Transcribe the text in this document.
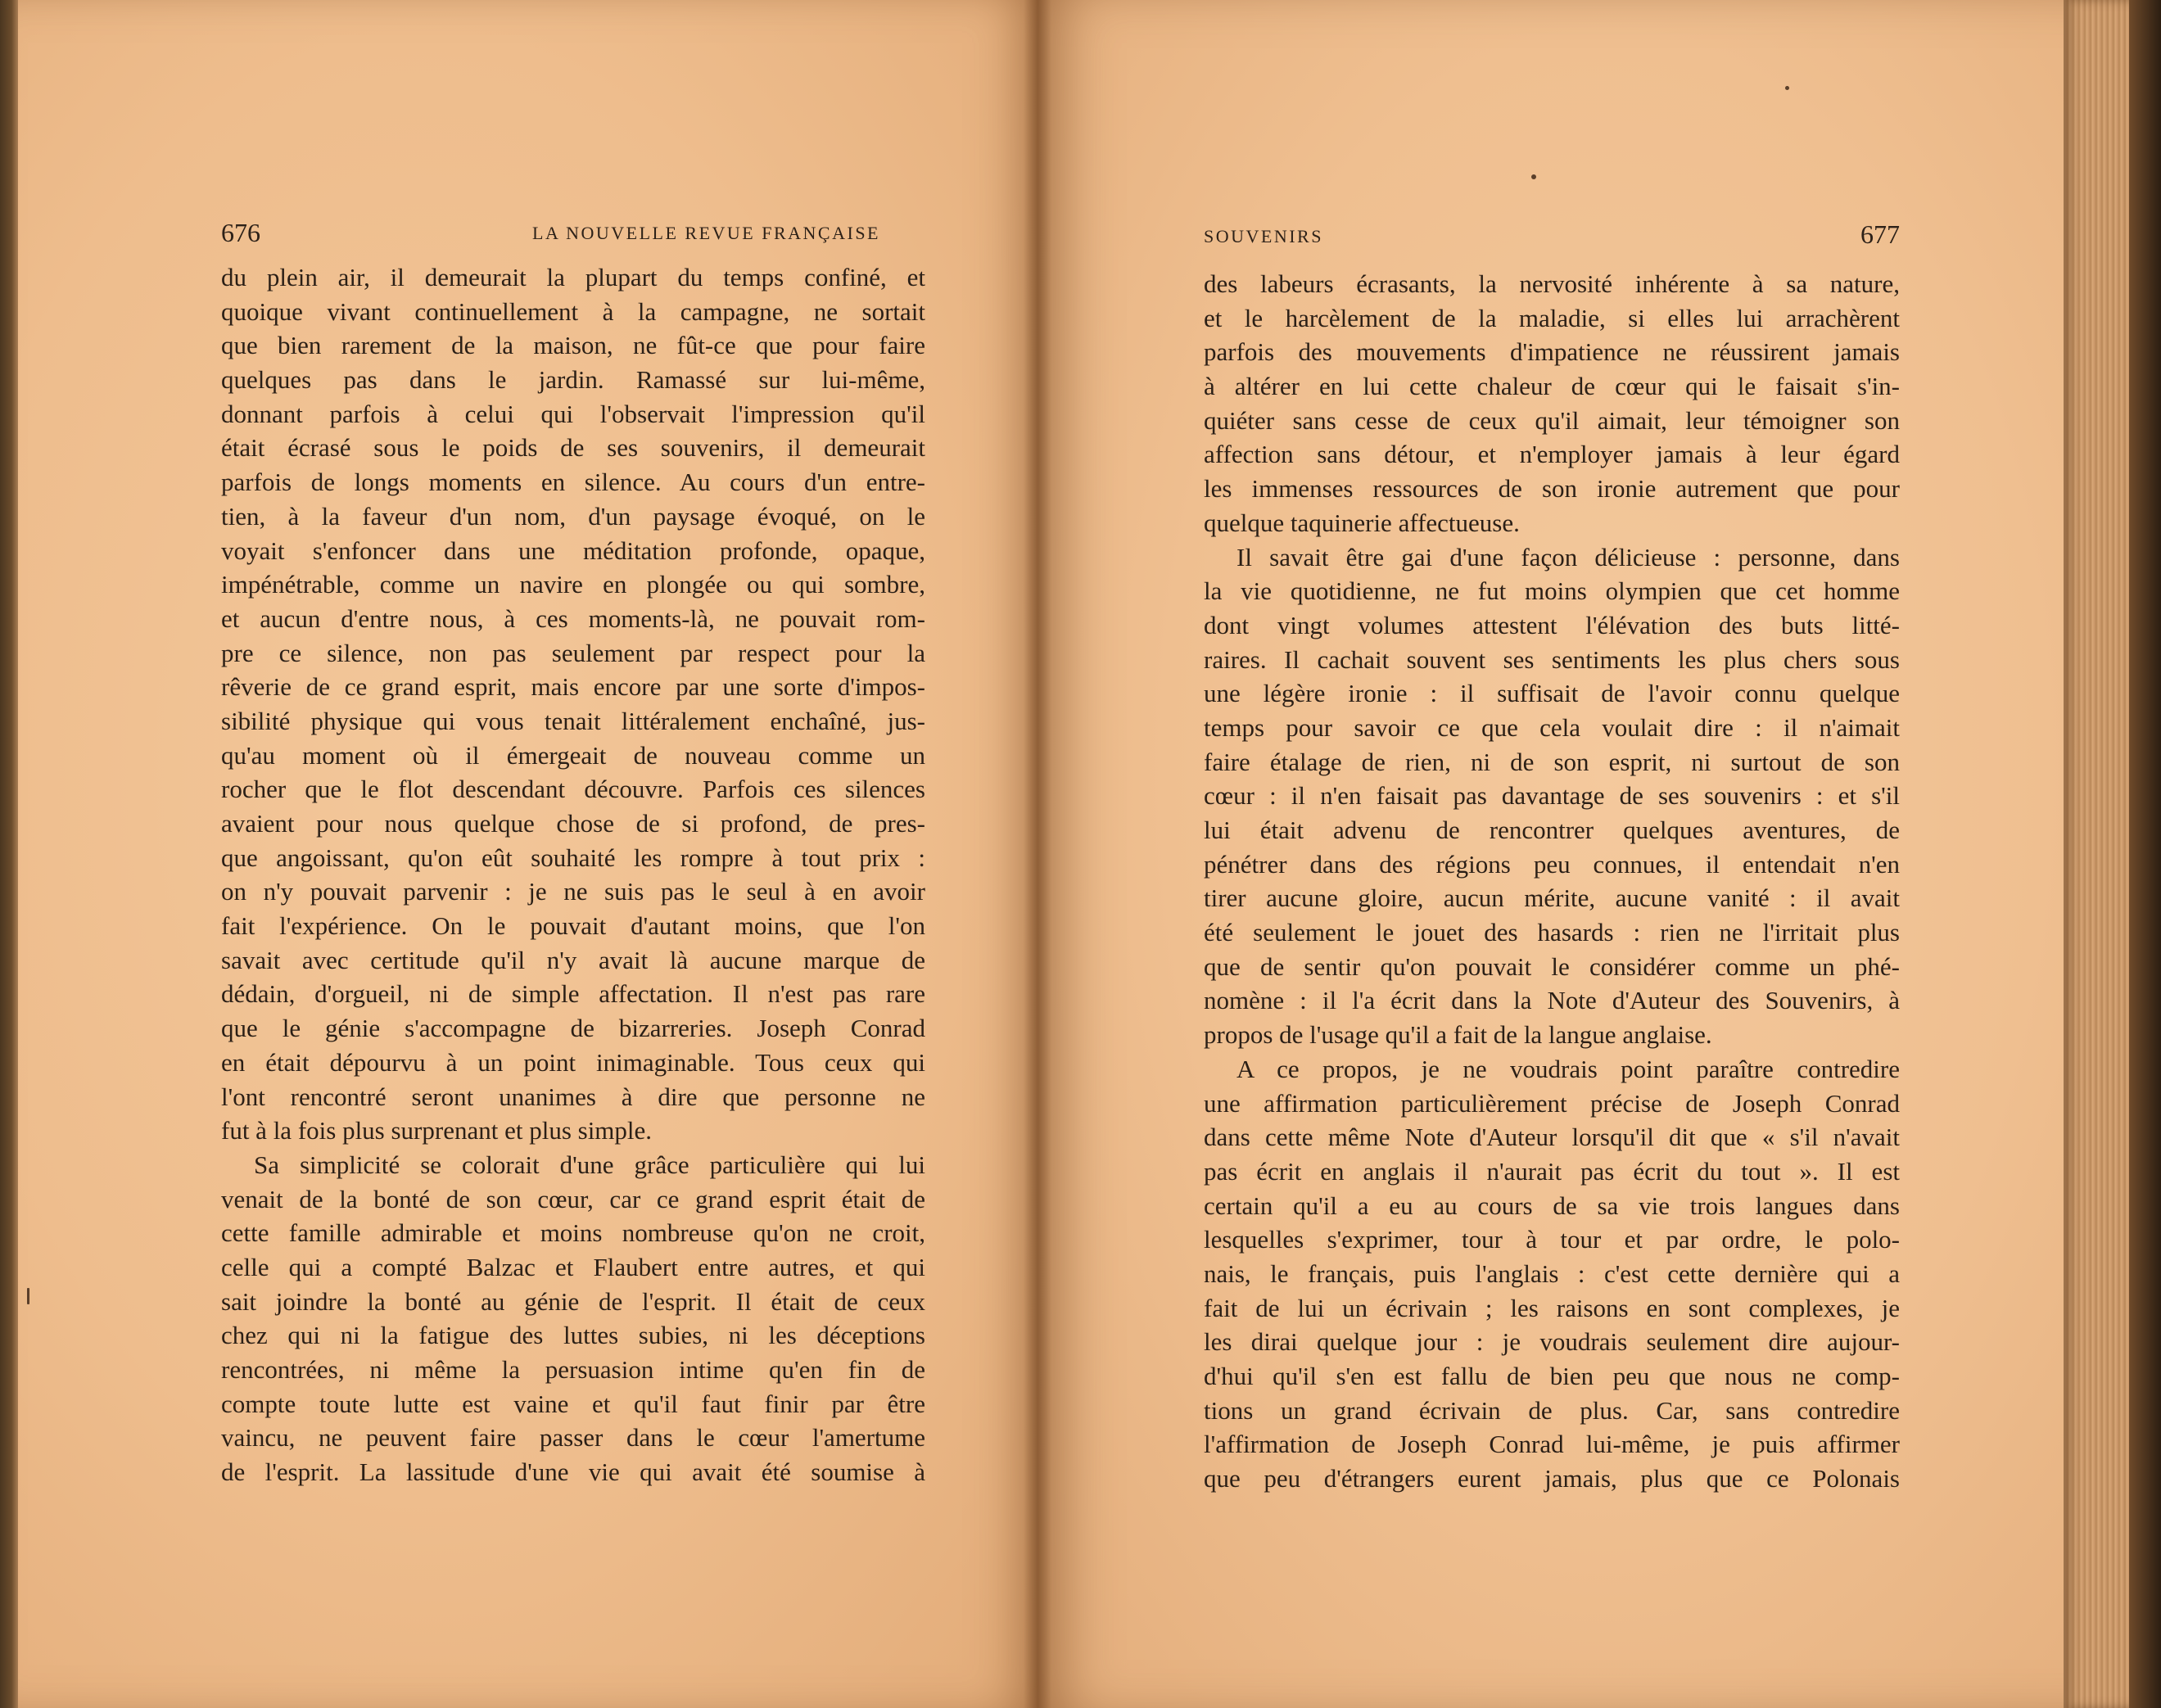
676	LA NOUVELLE REVUE FRANÇAISE
du plein air, il demeurait la plupart du temps confiné, et
quoique vivant continuellement à la campagne, ne sortait
que bien rarement de la maison, ne fût-ce que pour faire
quelques pas dans le jardin. Ramassé sur lui-même,
donnant parfois à celui qui l'observait l'impression qu'il
était écrasé sous le poids de ses souvenirs, il demeurait
parfois de longs moments en silence. Au cours d'un entre-
tien, à la faveur d'un nom, d'un paysage évoqué, on le
voyait s'enfoncer dans une méditation profonde, opaque,
impénétrable, comme un navire en plongée ou qui sombre,
et aucun d'entre nous, à ces moments-là, ne pouvait rom-
pre ce silence, non pas seulement par respect pour la
rêverie de ce grand esprit, mais encore par une sorte d'impos-
sibilité physique qui vous tenait littéralement enchaîné, jus-
qu'au moment où il émergeait de nouveau comme un
rocher que le flot descendant découvre. Parfois ces silences
avaient pour nous quelque chose de si profond, de pres-
que angoissant, qu'on eût souhaité les rompre à tout prix :
on n'y pouvait parvenir : je ne suis pas le seul à en avoir
fait l'expérience. On le pouvait d'autant moins, que l'on
savait avec certitude qu'il n'y avait là aucune marque de
dédain, d'orgueil, ni de simple affectation. Il n'est pas rare
que le génie s'accompagne de bizarreries. Joseph Conrad
en était dépourvu à un point inimaginable. Tous ceux qui
l'ont rencontré seront unanimes à dire que personne ne
fut à la fois plus surprenant et plus simple.
Sa simplicité se colorait d'une grâce particulière qui lui
venait de la bonté de son cœur, car ce grand esprit était de
cette famille admirable et moins nombreuse qu'on ne croit,
celle qui a compté Balzac et Flaubert entre autres, et qui
sait joindre la bonté au génie de l'esprit. Il était de ceux
chez qui ni la fatigue des luttes subies, ni les déceptions
rencontrées, ni même la persuasion intime qu'en fin de
compte toute lutte est vaine et qu'il faut finir par être
vaincu, ne peuvent faire passer dans le cœur l'amertume
de l'esprit. La lassitude d'une vie qui avait été soumise à
SOUVENIRS	677
des labeurs écrasants, la nervosité inhérente à sa nature,
et le harcèlement de la maladie, si elles lui arrachèrent
parfois des mouvements d'impatience ne réussirent jamais
à altérer en lui cette chaleur de cœur qui le faisait s'in-
quiéter sans cesse de ceux qu'il aimait, leur témoigner son
affection sans détour, et n'employer jamais à leur égard
les immenses ressources de son ironie autrement que pour
quelque taquinerie affectueuse.
Il savait être gai d'une façon délicieuse : personne, dans
la vie quotidienne, ne fut moins olympien que cet homme
dont vingt volumes attestent l'élévation des buts litté-
raires. Il cachait souvent ses sentiments les plus chers sous
une légère ironie : il suffisait de l'avoir connu quelque
temps pour savoir ce que cela voulait dire : il n'aimait
faire étalage de rien, ni de son esprit, ni surtout de son
cœur : il n'en faisait pas davantage de ses souvenirs : et s'il
lui était advenu de rencontrer quelques aventures, de
pénétrer dans des régions peu connues, il entendait n'en
tirer aucune gloire, aucun mérite, aucune vanité : il avait
été seulement le jouet des hasards : rien ne l'irritait plus
que de sentir qu'on pouvait le considérer comme un phé-
nomène : il l'a écrit dans la Note d'Auteur des Souvenirs, à
propos de l'usage qu'il a fait de la langue anglaise.
A ce propos, je ne voudrais point paraître contredire
une affirmation particulièrement précise de Joseph Conrad
dans cette même Note d'Auteur lorsqu'il dit que « s'il n'avait
pas écrit en anglais il n'aurait pas écrit du tout ». Il est
certain qu'il a eu au cours de sa vie trois langues dans
lesquelles s'exprimer, tour à tour et par ordre, le polo-
nais, le français, puis l'anglais : c'est cette dernière qui a
fait de lui un écrivain ; les raisons en sont complexes, je
les dirai quelque jour : je voudrais seulement dire aujour-
d'hui qu'il s'en est fallu de bien peu que nous ne comp-
tions un grand écrivain de plus. Car, sans contredire
l'affirmation de Joseph Conrad lui-même, je puis affirmer
que peu d'étrangers eurent jamais, plus que ce Polonais
